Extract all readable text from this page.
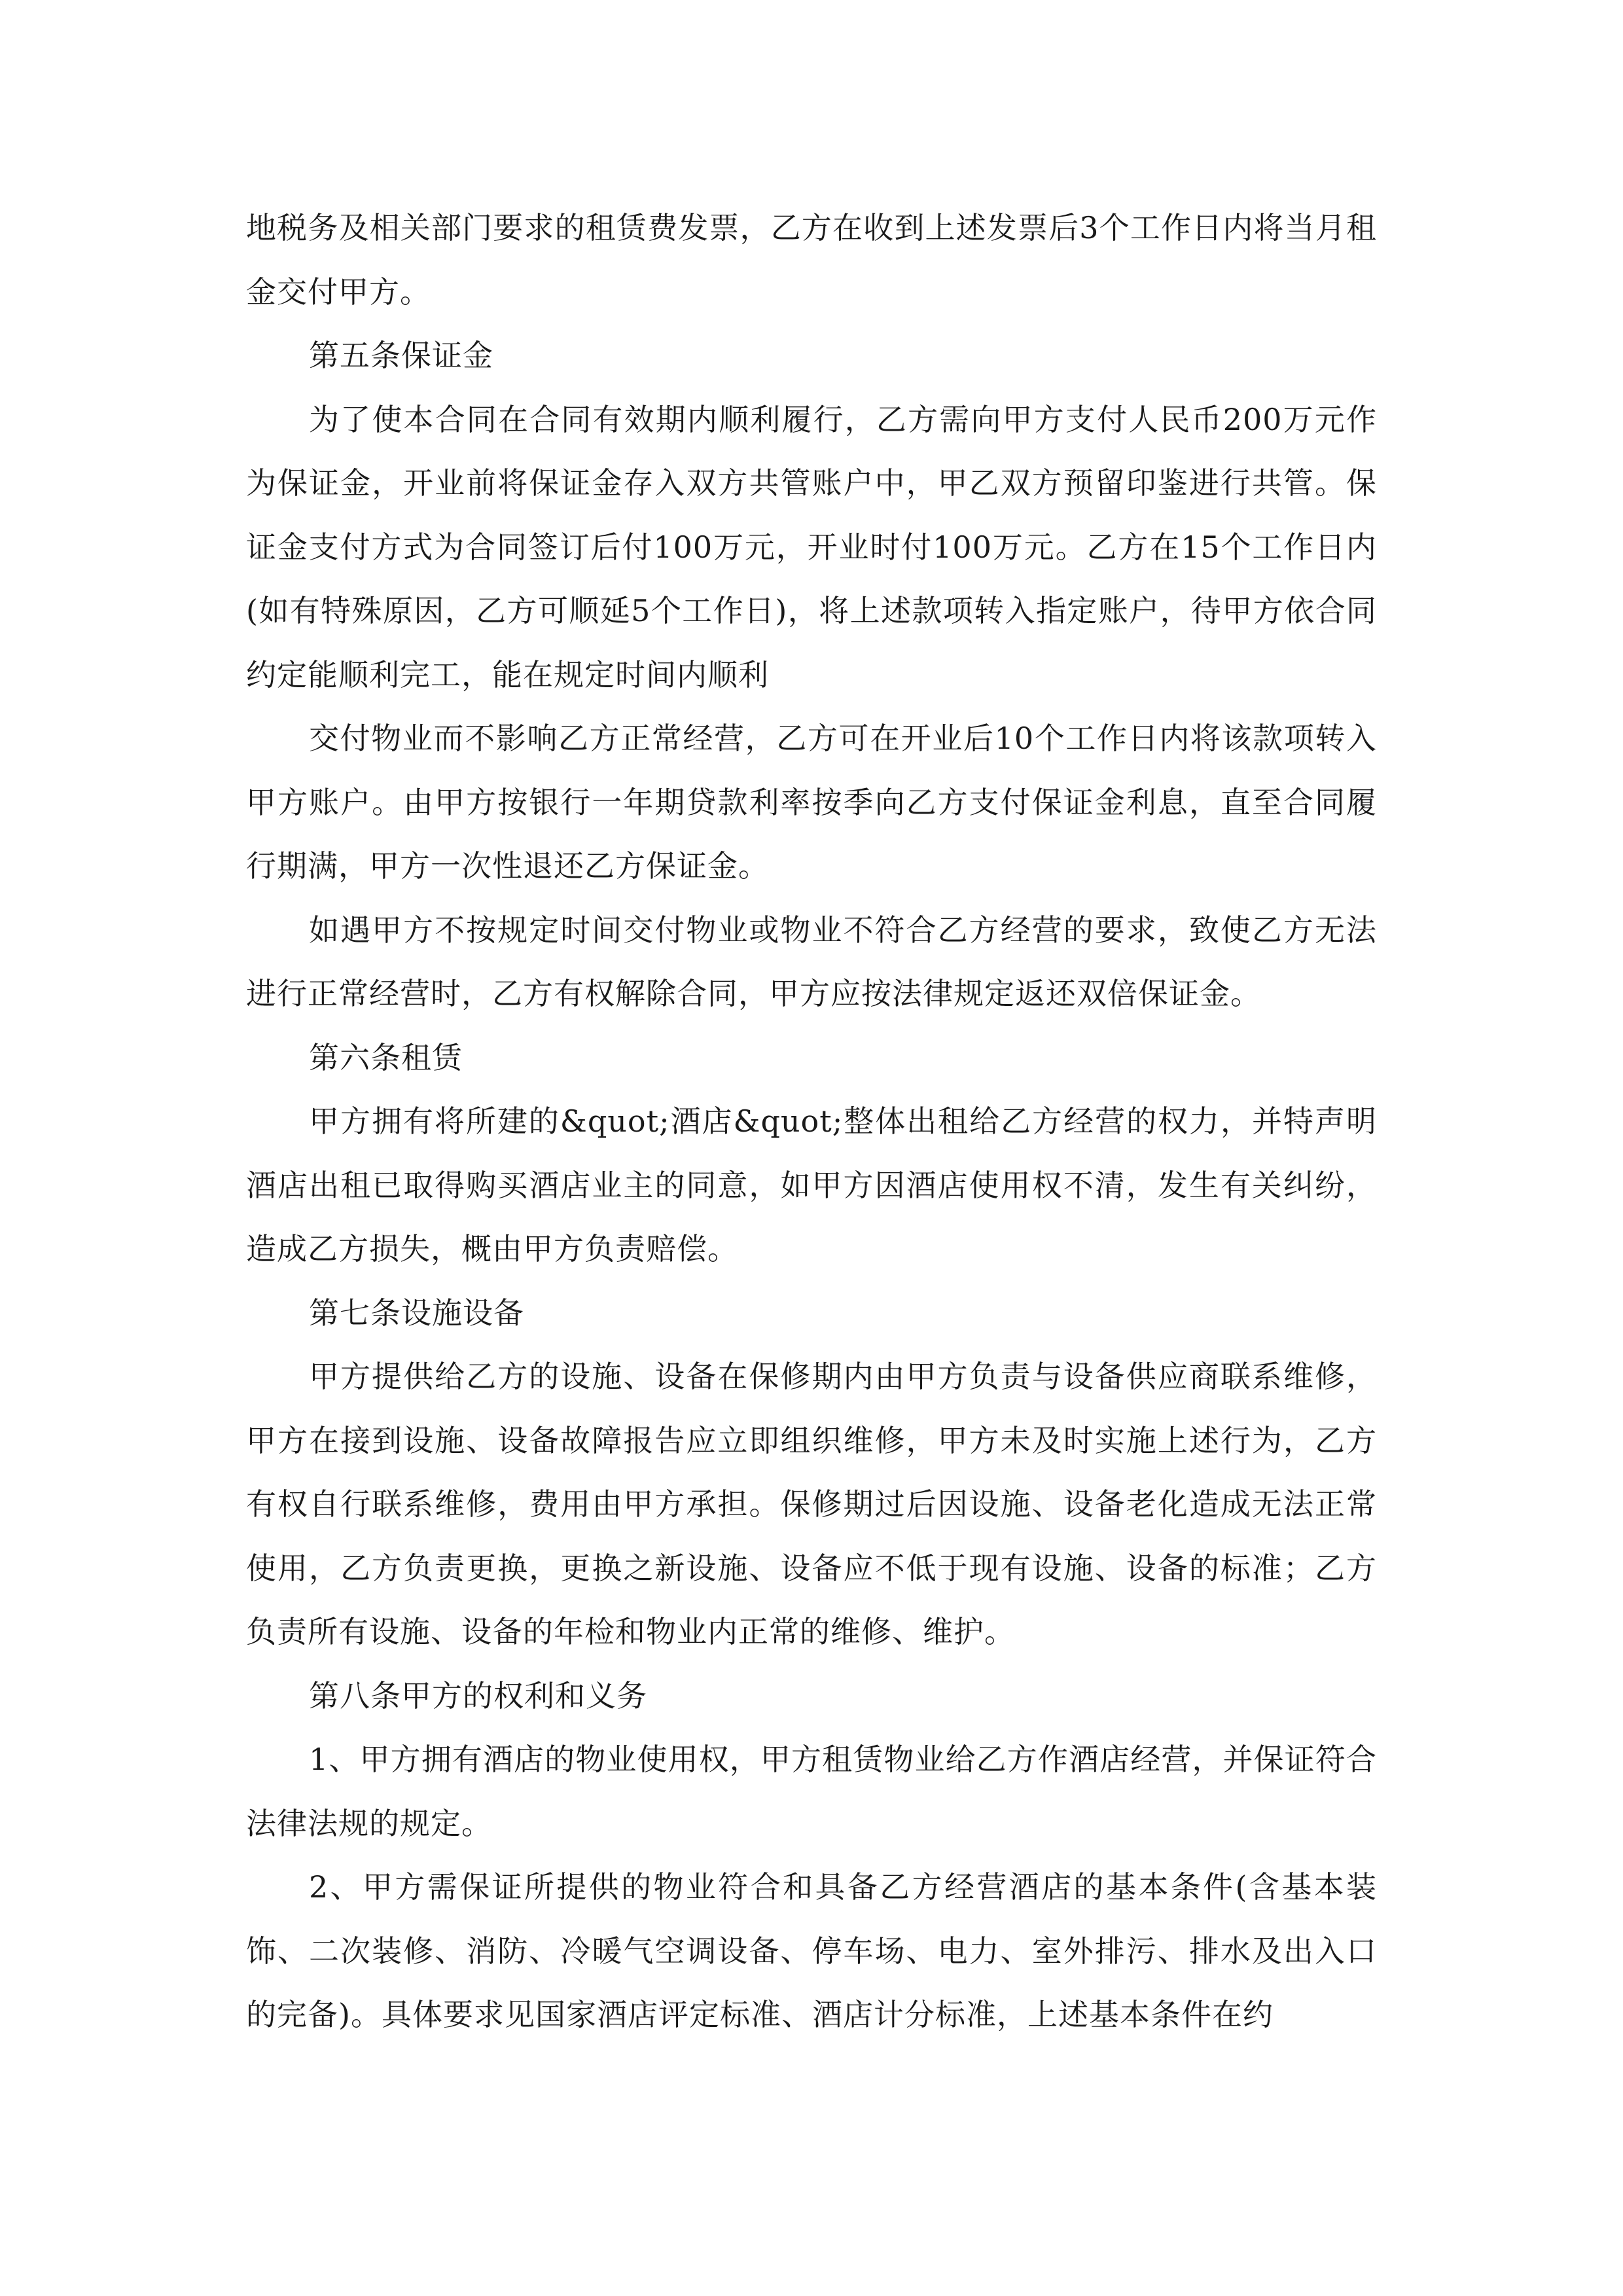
地税务及相关部门要求的租赁费发票，乙方在收到上述发票后3个工作日内将当月租金交付甲方。

第五条保证金

为了使本合同在合同有效期内顺利履行，乙方需向甲方支付人民币200万元作为保证金，开业前将保证金存入双方共管账户中，甲乙双方预留印鉴进行共管。保证金支付方式为合同签订后付100万元，开业时付100万元。乙方在15个工作日内(如有特殊原因，乙方可顺延5个工作日)，将上述款项转入指定账户，待甲方依合同约定能顺利完工，能在规定时间内顺利

交付物业而不影响乙方正常经营，乙方可在开业后10个工作日内将该款项转入甲方账户。由甲方按银行一年期贷款利率按季向乙方支付保证金利息，直至合同履行期满，甲方一次性退还乙方保证金。

如遇甲方不按规定时间交付物业或物业不符合乙方经营的要求，致使乙方无法进行正常经营时，乙方有权解除合同，甲方应按法律规定返还双倍保证金。

第六条租赁

甲方拥有将所建的&quot;酒店&quot;整体出租给乙方经营的权力，并特声明酒店出租已取得购买酒店业主的同意，如甲方因酒店使用权不清，发生有关纠纷，造成乙方损失，概由甲方负责赔偿。

第七条设施设备

甲方提供给乙方的设施、设备在保修期内由甲方负责与设备供应商联系维修，甲方在接到设施、设备故障报告应立即组织维修，甲方未及时实施上述行为，乙方有权自行联系维修，费用由甲方承担。保修期过后因设施、设备老化造成无法正常使用，乙方负责更换，更换之新设施、设备应不低于现有设施、设备的标准；乙方负责所有设施、设备的年检和物业内正常的维修、维护。

第八条甲方的权利和义务

1、甲方拥有酒店的物业使用权，甲方租赁物业给乙方作酒店经营，并保证符合法律法规的规定。

2、甲方需保证所提供的物业符合和具备乙方经营酒店的基本条件(含基本装饰、二次装修、消防、冷暖气空调设备、停车场、电力、室外排污、排水及出入口的完备)。具体要求见国家酒店评定标准、酒店计分标准，上述基本条件在约
